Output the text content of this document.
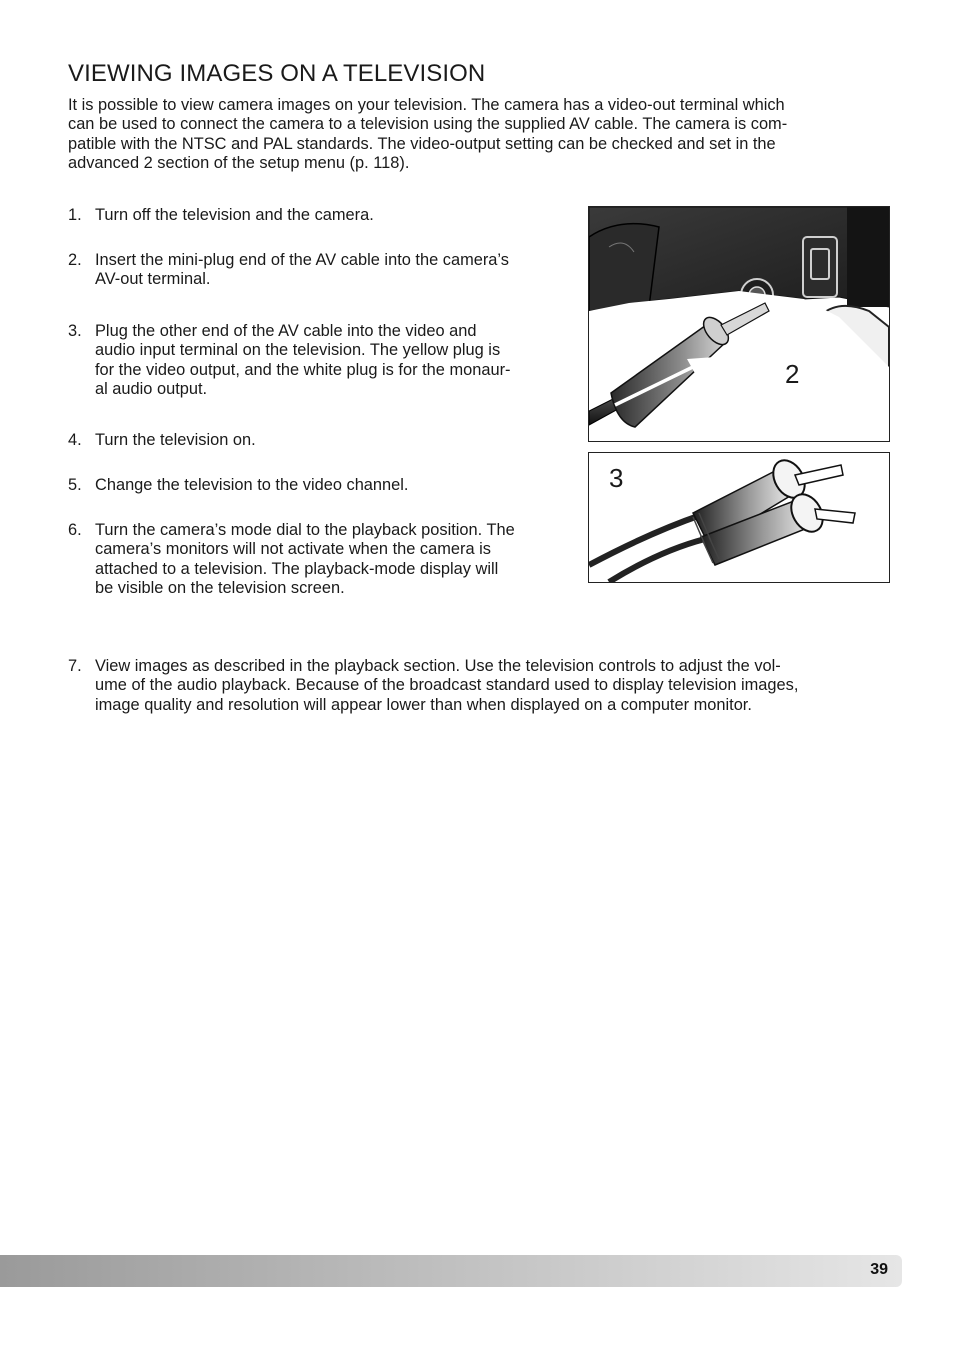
VIEWING IMAGES ON A TELEVISION

It is possible to view camera images on your television. The camera has a video-out terminal which
can be used to connect the camera to a television using the supplied AV cable. The camera is com-
patible with the NTSC and PAL standards. The video-output setting can be checked and set in the
advanced 2 section of the setup menu (p. 118).

1. Turn off the television and the camera.
2. Insert the mini-plug end of the AV cable into the camera’s
AV-out terminal.
3. Plug the other end of the AV cable into the video and
audio input terminal on the television. The yellow plug is
for the video output, and the white plug is for the monaur-
al audio output.
4. Turn the television on.
5. Change the television to the video channel.
6. Turn the camera’s mode dial to the playback position. The
camera’s monitors will not activate when the camera is
attached to a television. The playback-mode display will
be visible on the television screen.
7. View images as described in the playback section. Use the television controls to adjust the vol-
ume of the audio playback. Because of the broadcast standard used to display television images,
image quality and resolution will appear lower than when displayed on a computer monitor.
2
3
39
